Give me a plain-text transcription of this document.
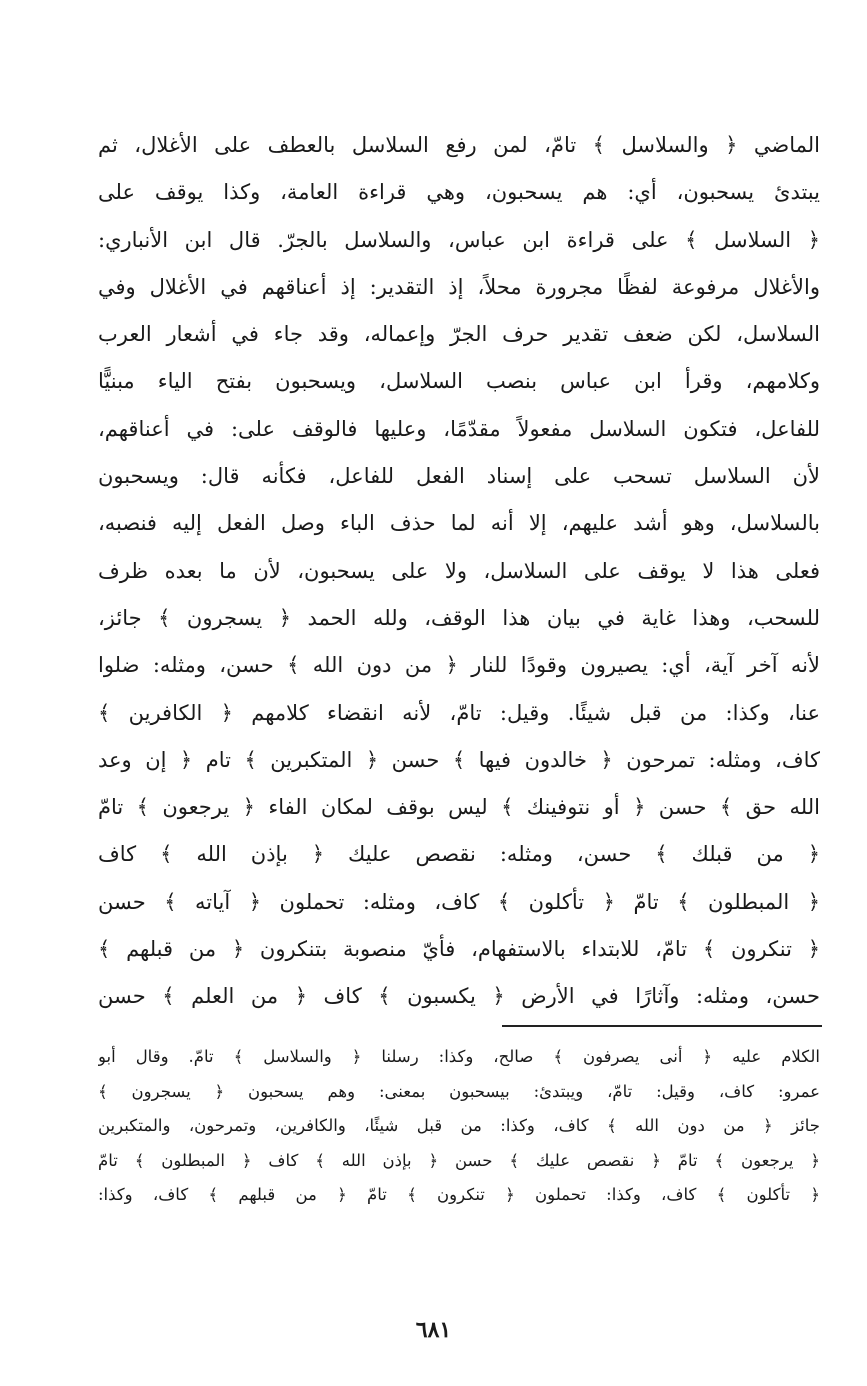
الماضي ﴿ والسلاسل ﴾ تامّ، لمن رفع السلاسل بالعطف على الأغلال، ثم
يبتدئ يسحبون، أي: هم يسحبون، وهي قراءة العامة، وكذا يوقف على
﴿ السلاسل ﴾ على قراءة ابن عباس، والسلاسل بالجرّ. قال ابن الأنباري:
والأغلال مرفوعة لفظًا مجرورة محلاً، إذ التقدير: إذ أعناقهم في الأغلال وفي
السلاسل، لكن ضعف تقدير حرف الجرّ وإعماله، وقد جاء في أشعار العرب
وكلامهم، وقرأ ابن عباس بنصب السلاسل، ويسحبون بفتح الياء مبنيًّا
للفاعل، فتكون السلاسل مفعولاً مقدّمًا، وعليها فالوقف على: في أعناقهم،
لأن السلاسل تسحب على إسناد الفعل للفاعل، فكأنه قال: ويسحبون
بالسلاسل، وهو أشد عليهم، إلا أنه لما حذف الباء وصل الفعل إليه فنصبه،
فعلى هذا لا يوقف على السلاسل، ولا على يسحبون، لأن ما بعده ظرف
للسحب، وهذا غاية في بيان هذا الوقف، ولله الحمد ﴿ يسجرون ﴾ جائز،
لأنه آخر آية، أي: يصيرون وقودًا للنار ﴿ من دون الله ﴾ حسن، ومثله: ضلوا
عنا، وكذا: من قبل شيئًا. وقيل: تامّ، لأنه انقضاء كلامهم ﴿ الكافرين ﴾
كاف، ومثله: تمرحون ﴿ خالدون فيها ﴾ حسن ﴿ المتكبرين ﴾ تام ﴿ إن وعد
الله حق ﴾ حسن ﴿ أو نتوفينك ﴾ ليس بوقف لمكان الفاء ﴿ يرجعون ﴾ تامّ
﴿ من قبلك ﴾ حسن، ومثله: نقصص عليك ﴿ بإذن الله ﴾ كاف
﴿ المبطلون ﴾ تامّ ﴿ تأكلون ﴾ كاف، ومثله: تحملون ﴿ آياته ﴾ حسن
﴿ تنكرون ﴾ تامّ، للابتداء بالاستفهام، فأيّ منصوبة بتنكرون ﴿ من قبلهم ﴾
حسن، ومثله: وآثارًا في الأرض ﴿ يكسبون ﴾ كاف ﴿ من العلم ﴾ حسن
الكلام عليه ﴿ أنى يصرفون ﴾ صالح، وكذا: رسلنا ﴿ والسلاسل ﴾ تامّ. وقال أبو
عمرو: كاف، وقيل: تامّ، ويبتدئ: بيسحبون بمعنى: وهم يسحبون ﴿ يسجرون ﴾
جائز ﴿ من دون الله ﴾ كاف، وكذا: من قبل شيئًا، والكافرين، وتمرحون، والمتكبرين
﴿ يرجعون ﴾ تامّ ﴿ نقصص عليك ﴾ حسن ﴿ بإذن الله ﴾ كاف ﴿ المبطلون ﴾ تامّ
﴿ تأكلون ﴾ كاف، وكذا: تحملون ﴿ تنكرون ﴾ تامّ ﴿ من قبلهم ﴾ كاف، وكذا:
٦٨١
